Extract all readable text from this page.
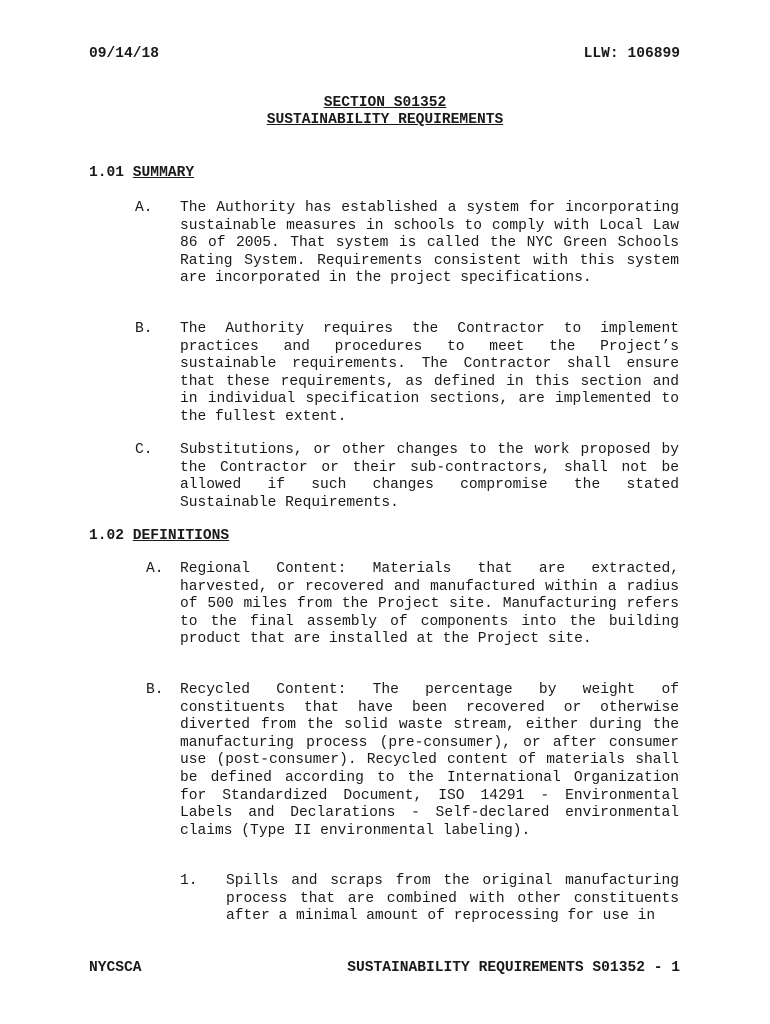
09/14/18	LLW: 106899
SECTION S01352
SUSTAINABILITY REQUIREMENTS
1.01 SUMMARY
A.	The Authority has established a system for incorporating sustainable measures in schools to comply with Local Law 86 of 2005. That system is called the NYC Green Schools Rating System. Requirements consistent with this system are incorporated in the project specifications.

B.	The Authority requires the Contractor to implement practices and procedures to meet the Project’s sustainable requirements. The Contractor shall ensure that these requirements, as defined in this section and in individual specification sections, are implemented to the fullest extent.

C.	Substitutions, or other changes to the work proposed by the Contractor or their sub-contractors, shall not be allowed if such changes compromise the stated Sustainable Requirements.

1.02 DEFINITIONS
A.	Regional Content: Materials that are extracted, harvested, or recovered and manufactured within a radius of 500 miles from the Project site. Manufacturing refers to the final assembly of components into the building product that are installed at the Project site.

B.	Recycled Content: The percentage by weight of constituents that have been recovered or otherwise diverted from the solid waste stream, either during the manufacturing process (pre-consumer), or after consumer use (post-consumer). Recycled content of materials shall be defined according to the International Organization for Standardized Document, ISO 14291 - Environmental Labels and Declarations - Self-declared environmental claims (Type II environmental labeling).

1.	Spills and scraps from the original manufacturing process that are combined with other constituents after a minimal amount of reprocessing for use in

NYCSCA	SUSTAINABILITY REQUIREMENTS S01352 - 1
